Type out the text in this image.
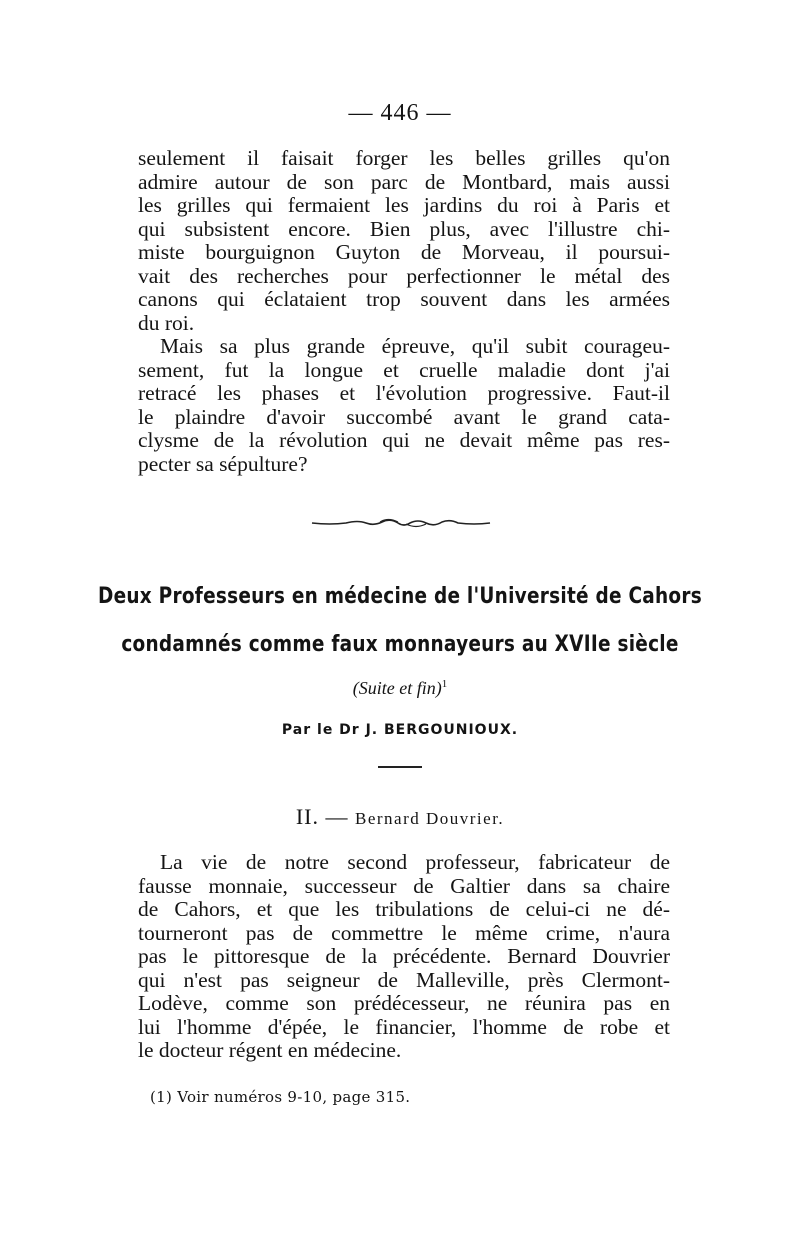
— 446 —
seulement il faisait forger les belles grilles qu'on
admire autour de son parc de Montbard, mais aussi
les grilles qui fermaient les jardins du roi à Paris et
qui subsistent encore. Bien plus, avec l'illustre chi-
miste bourguignon Guyton de Morveau, il poursui-
vait des recherches pour perfectionner le métal des
canons qui éclataient trop souvent dans les armées
du roi.
Mais sa plus grande épreuve, qu'il subit courageu-
sement, fut la longue et cruelle maladie dont j'ai
retracé les phases et l'évolution progressive. Faut-il
le plaindre d'avoir succombé avant le grand cata-
clysme de la révolution qui ne devait même pas res-
pecter sa sépulture?
Deux Professeurs en médecine de l'Université de Cahors
condamnés comme faux monnayeurs au XVIIe siècle
(Suite et fin)$^1$
Par le Dr J. BERGOUNIOUX.
II. — Bernard Douvrier.
La vie de notre second professeur, fabricateur de
fausse monnaie, successeur de Galtier dans sa chaire
de Cahors, et que les tribulations de celui-ci ne dé-
tourneront pas de commettre le même crime, n'aura
pas le pittoresque de la précédente. Bernard Douvrier
qui n'est pas seigneur de Malleville, près Clermont-
Lodève, comme son prédécesseur, ne réunira pas en
lui l'homme d'épée, le financier, l'homme de robe et
le docteur régent en médecine.
(1) Voir numéros 9-10, page 315.
